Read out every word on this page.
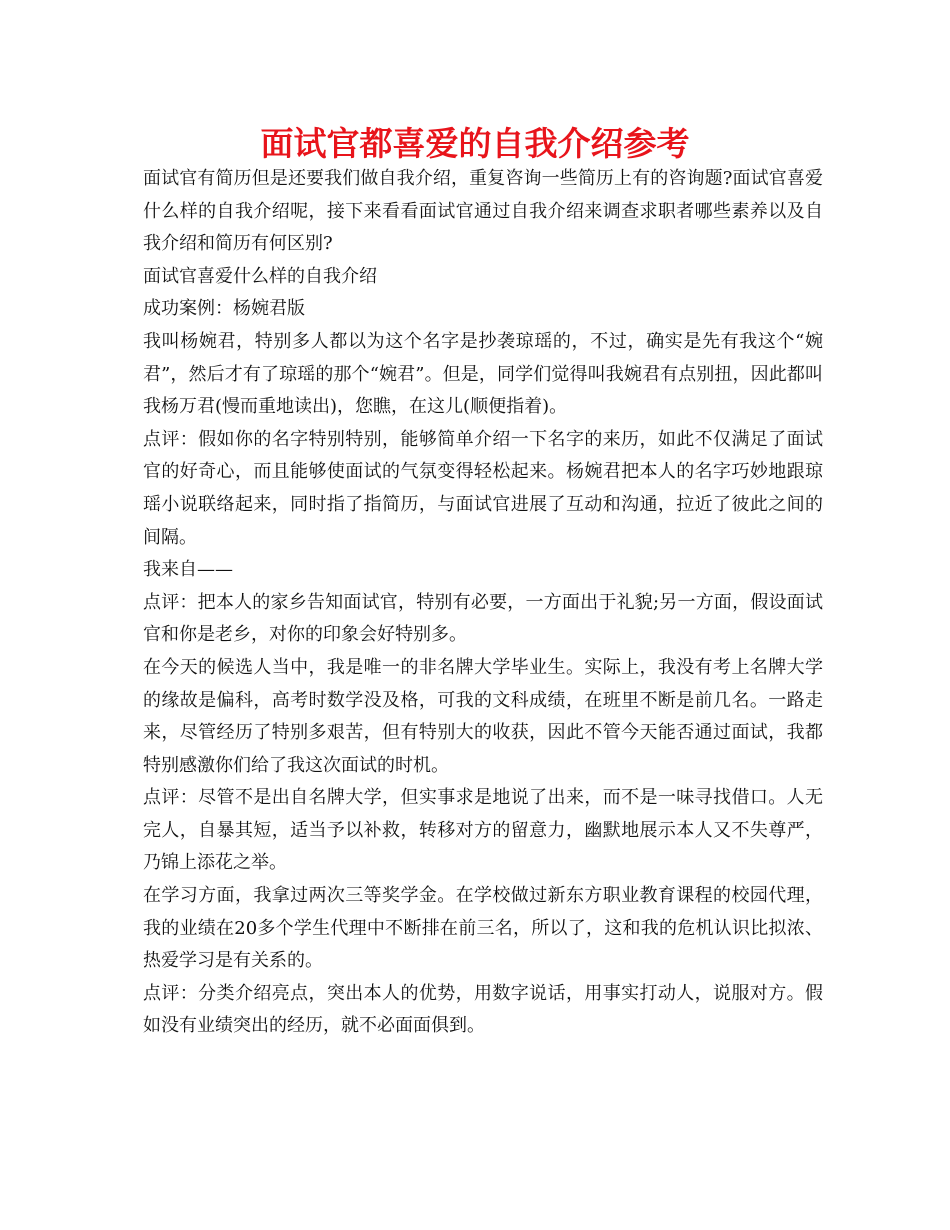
面试官都喜爱的自我介绍参考

面试官有简历但是还要我们做自我介绍，重复咨询一些简历上有的咨询题?面试官喜爱什么样的自我介绍呢，接下来看看面试官通过自我介绍来调查求职者哪些素养以及自我介绍和简历有何区别?

面试官喜爱什么样的自我介绍

成功案例：杨婉君版

我叫杨婉君，特别多人都以为这个名字是抄袭琼瑶的，不过，确实是先有我这个“婉君”，然后才有了琼瑶的那个“婉君”。但是，同学们觉得叫我婉君有点别扭，因此都叫我杨万君(慢而重地读出)，您瞧，在这儿(顺便指着)。

点评：假如你的名字特别特别，能够简单介绍一下名字的来历，如此不仅满足了面试官的好奇心，而且能够使面试的气氛变得轻松起来。杨婉君把本人的名字巧妙地跟琼瑶小说联络起来，同时指了指简历，与面试官进展了互动和沟通，拉近了彼此之间的间隔。

我来自——

点评：把本人的家乡告知面试官，特别有必要，一方面出于礼貌;另一方面，假设面试官和你是老乡，对你的印象会好特别多。

在今天的候选人当中，我是唯一的非名牌大学毕业生。实际上，我没有考上名牌大学的缘故是偏科，高考时数学没及格，可我的文科成绩，在班里不断是前几名。一路走来，尽管经历了特别多艰苦，但有特别大的收获，因此不管今天能否通过面试，我都特别感激你们给了我这次面试的时机。

点评：尽管不是出自名牌大学，但实事求是地说了出来，而不是一味寻找借口。人无完人，自暴其短，适当予以补救，转移对方的留意力，幽默地展示本人又不失尊严，乃锦上添花之举。

在学习方面，我拿过两次三等奖学金。在学校做过新东方职业教育课程的校园代理，我的业绩在20多个学生代理中不断排在前三名，所以了，这和我的危机认识比拟浓、热爱学习是有关系的。

点评：分类介绍亮点，突出本人的优势，用数字说话，用事实打动人，说服对方。假如没有业绩突出的经历，就不必面面俱到。
